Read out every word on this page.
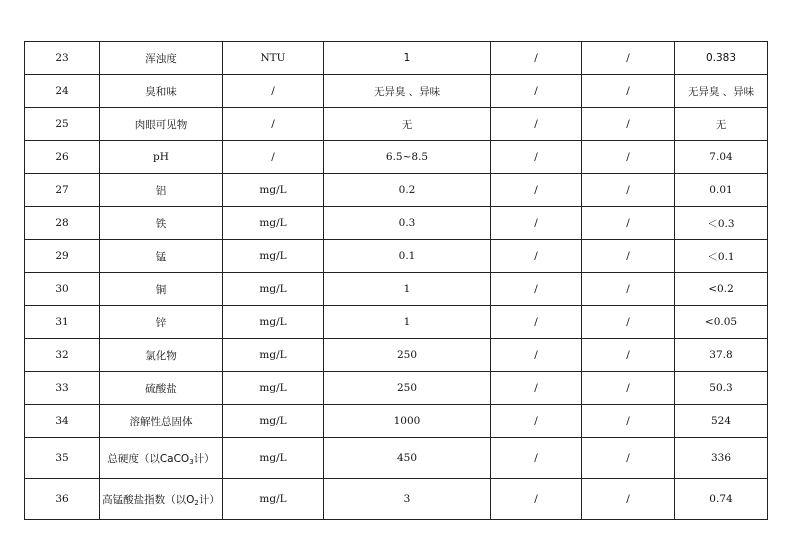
23	浑浊度	NTU	1	/	/	0.383
24	臭和味	/	无异臭 、异味	/	/	无异臭 、异味
25	肉眼可见物	/	无	/	/	无
26	pH	/	6.5~8.5	/	/	7.04
27	铝	mg/L	0.2	/	/	0.01
28	铁	mg/L	0.3	/	/	＜0.3
29	锰	mg/L	0.1	/	/	＜0.1
30	铜	mg/L	1	/	/	<0.2
31	锌	mg/L	1	/	/	<0.05
32	氯化物	mg/L	250	/	/	37.8
33	硫酸盐	mg/L	250	/	/	50.3
34	溶解性总固体	mg/L	1000	/	/	524
35	总硬度（以CaCO$_3$计）	mg/L	450	/	/	336
36	高锰酸盐指数（以$O_2$计）	mg/L	3	/	/	0.74
